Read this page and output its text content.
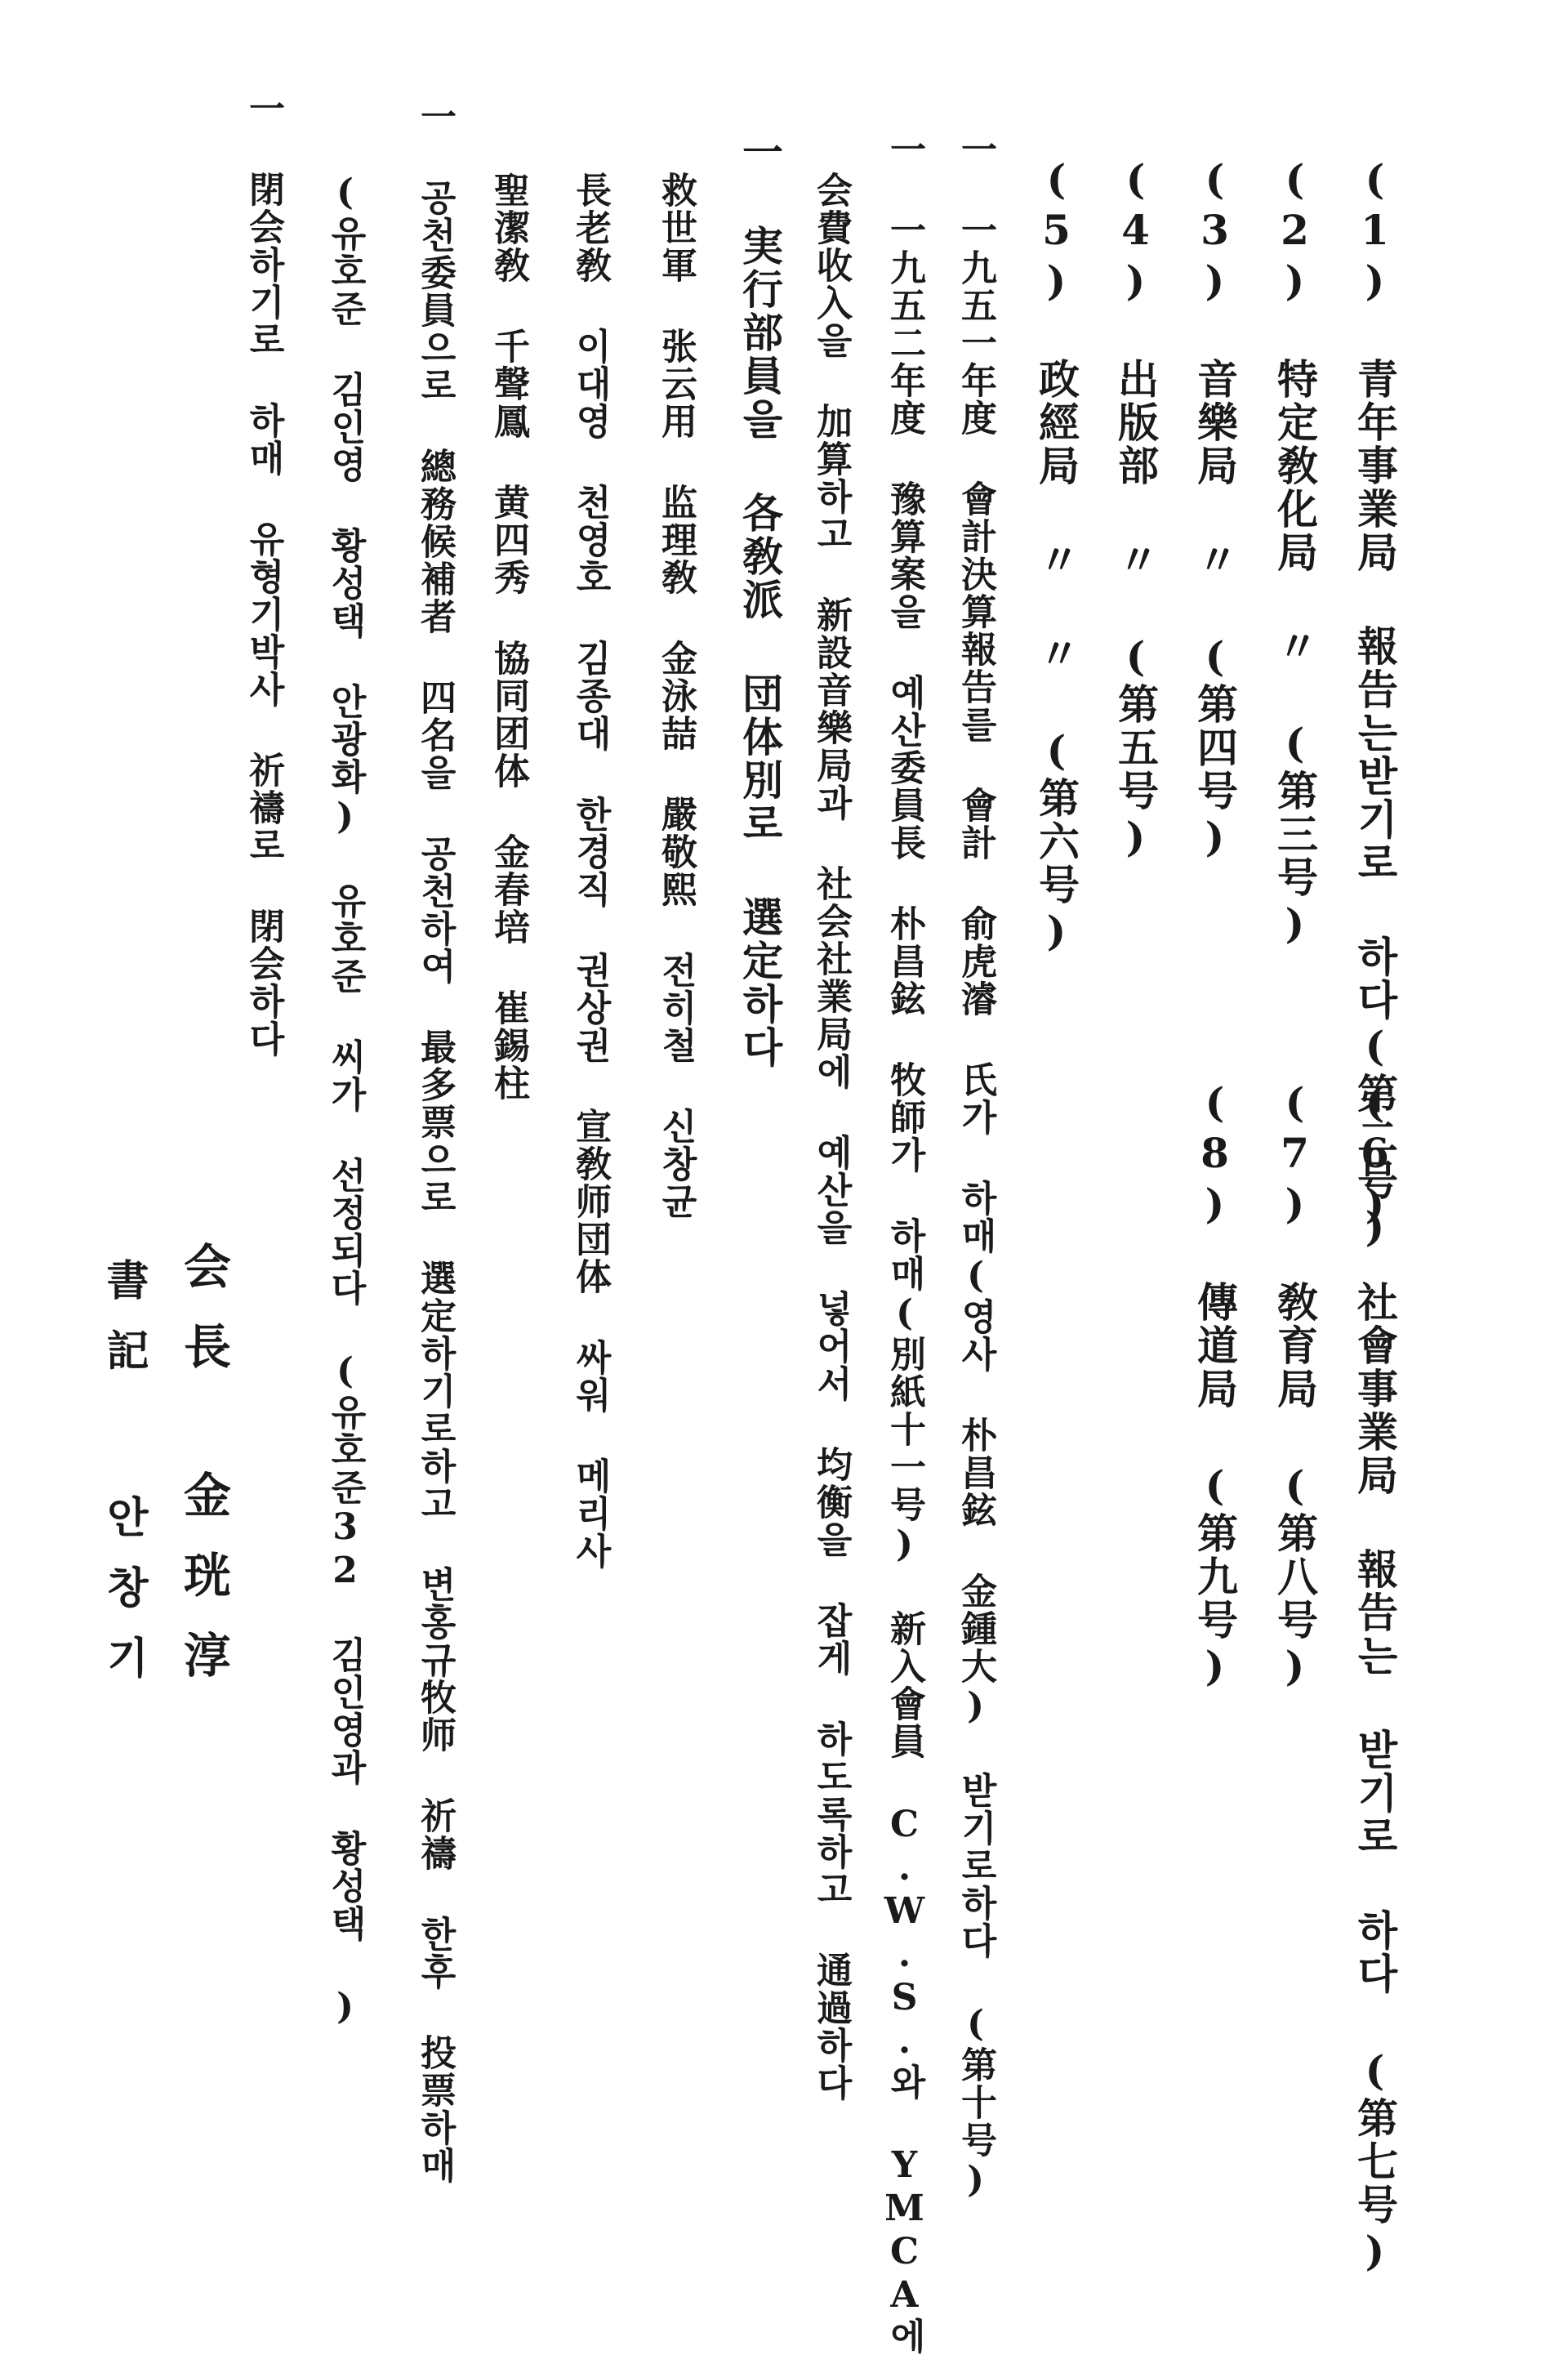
(1) 青年事業局 報告는받기로 하다(第二号)
(2) 特定敎化局 〃 (第三号)
(3) 音樂局 〃 (第四号)
(4) 出版部 〃 (第五号)
(5) 政經局 〃 〃 (第六号)
一 一九五一年度 會計決算報告를 會計 俞虎濬 氏가 하매(영사 朴昌鉉 金鍾大) 받기로하다 (第十号)
一 一九五二年度 豫算案을 예산委員長 朴昌鉉 牧師가 하매(別紙十一号) 新入會員 C.W.S.와 YMCA에
会費收入을 加算하고 新設音樂局과 社会社業局에 예산을 넣어서 均衡을 잡게 하도록하고 通過하다
一 実行部員을 各敎派 団体別로 選定하다
救世軍 张云用 监理敎 金泳喆 嚴敬熙 전히철 신창균
長老敎 이대영 천영호 김종대 한경직 권상권 宣敎师団体 싸워 메리사
聖潔敎 千聲鳳 黄四秀 協同团体 金春培 崔錫柱
一 공천委員으로 總務候補者 四名을 공천하여 最多票으로 選定하기로하고 변홍규牧师 祈禱 한후 投票하매
(유호준 김인영 황성택 안광화) 유호준 씨가 선정되다 (유호준32 김인영과 황성택 )
一 閉会하기로 하매 유형기박사 祈禱로 閉会하다
(6) 社會事業局 報告는 받기로 하다 (第七号)
(7) 敎育局 (第八号)
(8) 傳道局 (第九号)
会長
金珖淳
書記
안창기
